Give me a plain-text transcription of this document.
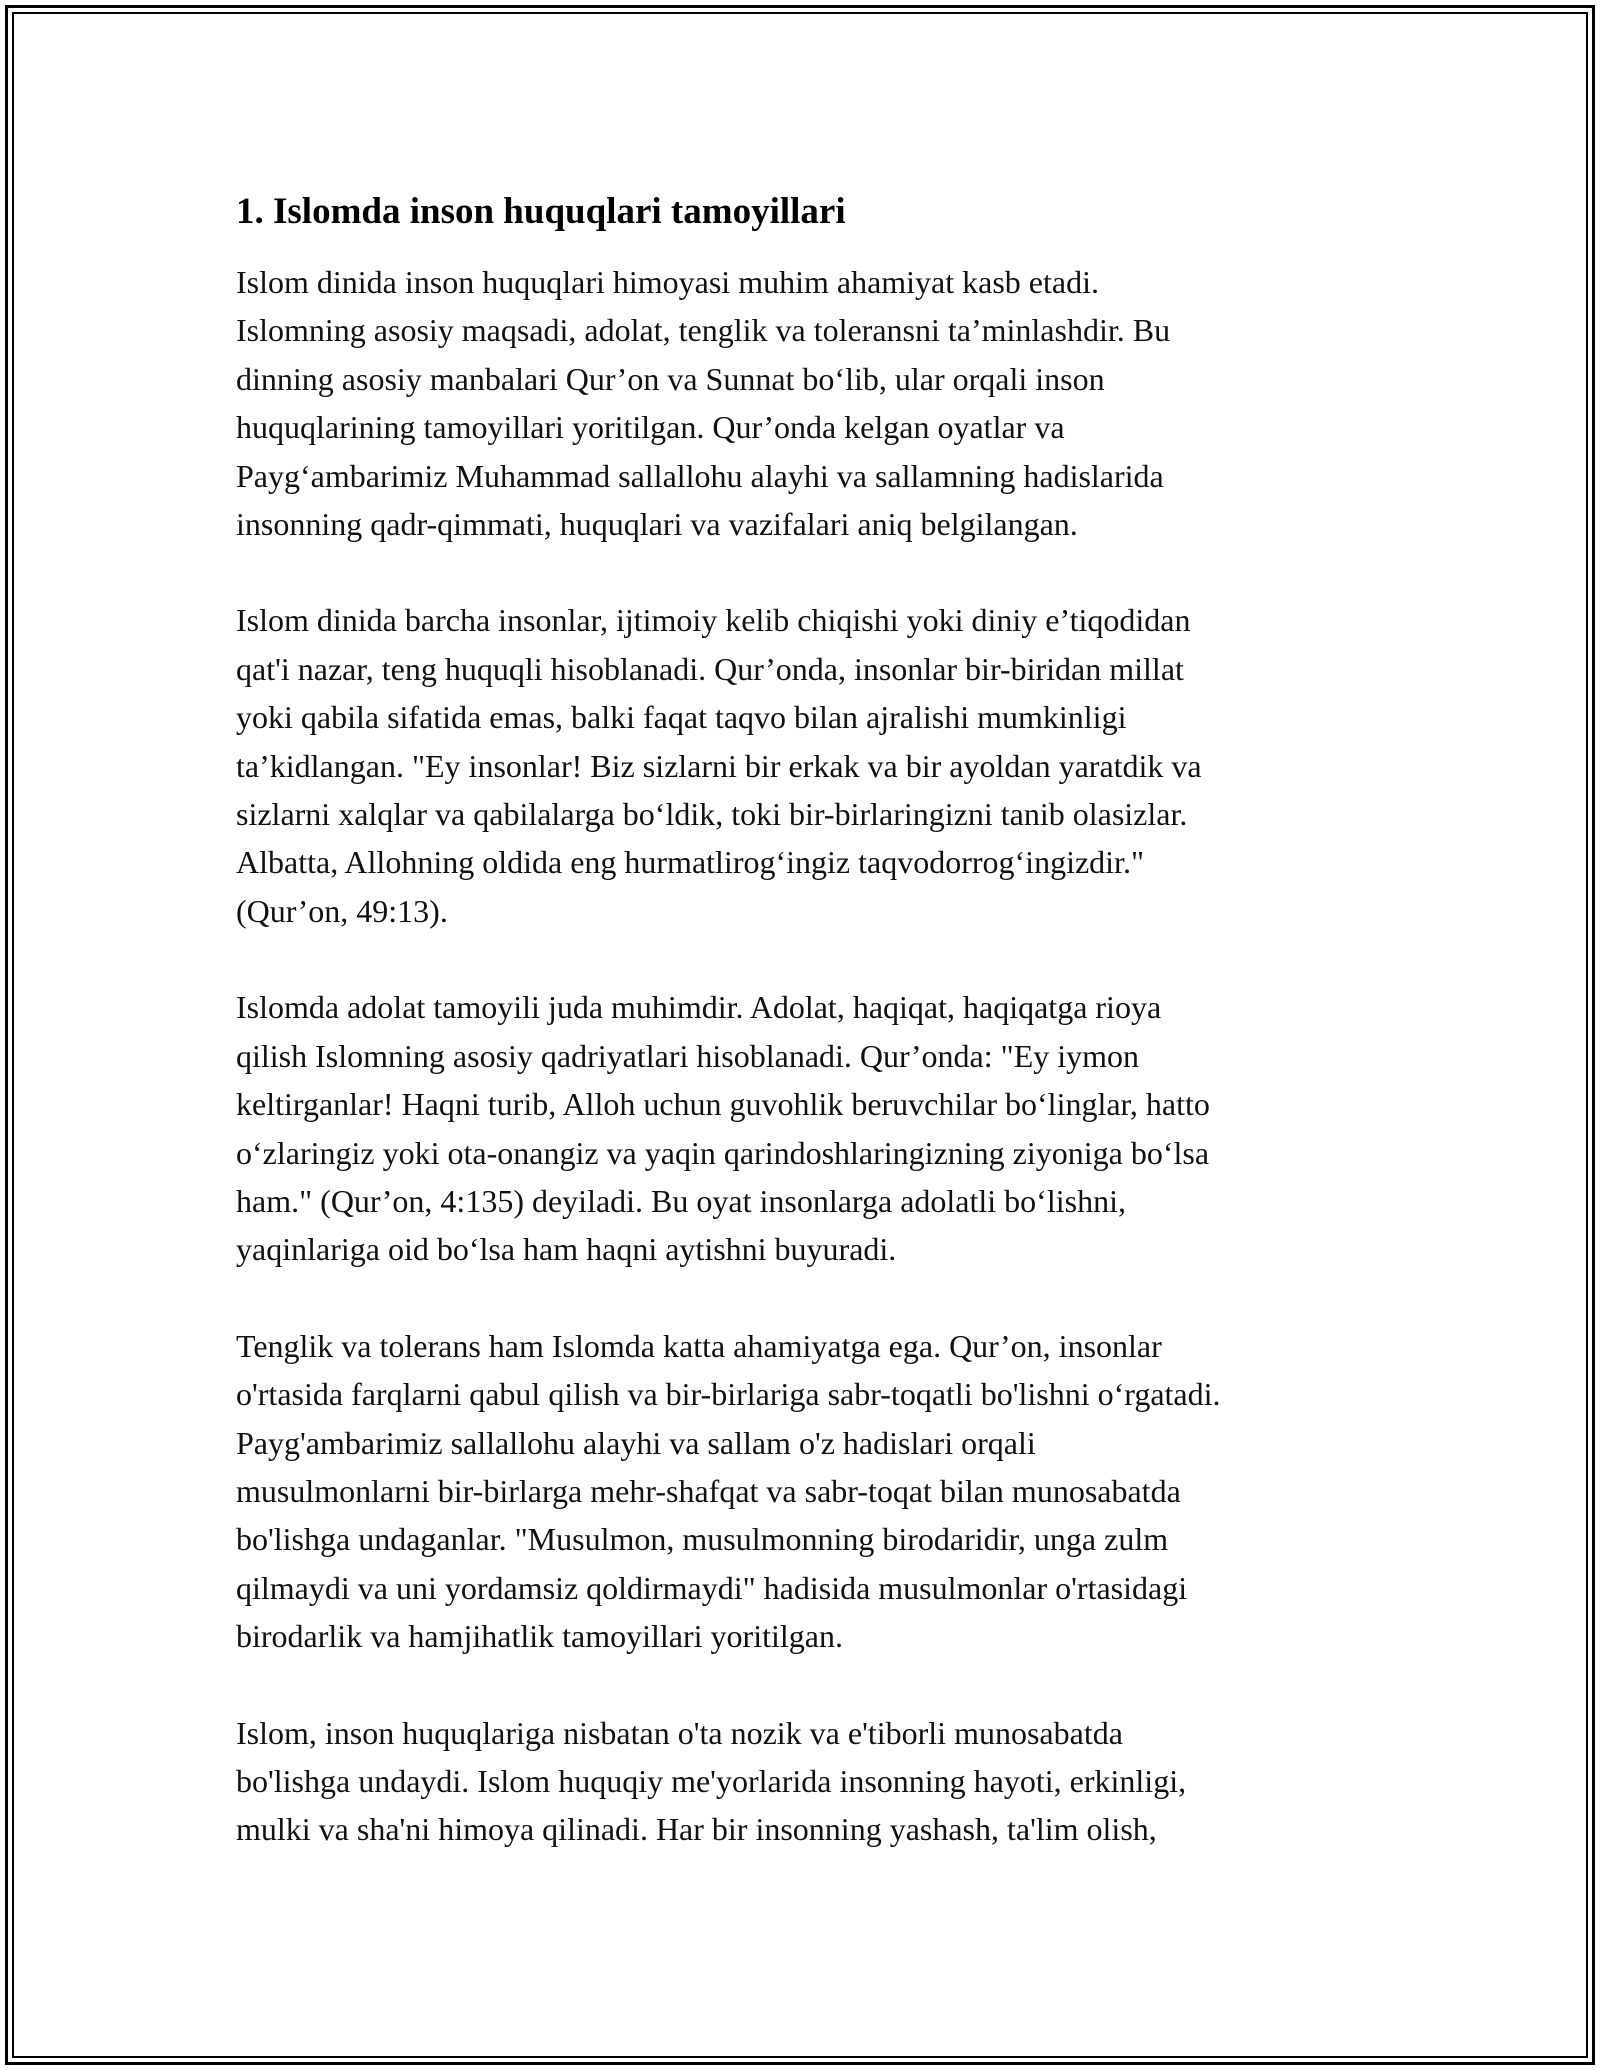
1. Islomda inson huquqlari tamoyillari
Islom dinida inson huquqlari himoyasi muhim ahamiyat kasb etadi.
Islomning asosiy maqsadi, adolat, tenglik va toleransni ta’minlashdir. Bu
dinning asosiy manbalari Qur’on va Sunnat bo‘lib, ular orqali inson
huquqlarining tamoyillari yoritilgan. Qur’onda kelgan oyatlar va
Payg‘ambarimiz Muhammad sallallohu alayhi va sallamning hadislarida
insonning qadr-qimmati, huquqlari va vazifalari aniq belgilangan.
Islom dinida barcha insonlar, ijtimoiy kelib chiqishi yoki diniy e’tiqodidan
qat'i nazar, teng huquqli hisoblanadi. Qur’onda, insonlar bir-biridan millat
yoki qabila sifatida emas, balki faqat taqvo bilan ajralishi mumkinligi
ta’kidlangan. "Ey insonlar! Biz sizlarni bir erkak va bir ayoldan yaratdik va
sizlarni xalqlar va qabilalarga bo‘ldik, toki bir-birlaringizni tanib olasizlar.
Albatta, Allohning oldida eng hurmatlirog‘ingiz taqvodorrog‘ingizdir."
(Qur’on, 49:13).
Islomda adolat tamoyili juda muhimdir. Adolat, haqiqat, haqiqatga rioya
qilish Islomning asosiy qadriyatlari hisoblanadi. Qur’onda: "Ey iymon
keltirganlar! Haqni turib, Alloh uchun guvohlik beruvchilar bo‘linglar, hatto
o‘zlaringiz yoki ota-onangiz va yaqin qarindoshlaringizning ziyoniga bo‘lsa
ham." (Qur’on, 4:135) deyiladi. Bu oyat insonlarga adolatli bo‘lishni,
yaqinlariga oid bo‘lsa ham haqni aytishni buyuradi.
Tenglik va tolerans ham Islomda katta ahamiyatga ega. Qur’on, insonlar
o'rtasida farqlarni qabul qilish va bir-birlariga sabr-toqatli bo'lishni o‘rgatadi.
Payg'ambarimiz sallallohu alayhi va sallam o'z hadislari orqali
musulmonlarni bir-birlarga mehr-shafqat va sabr-toqat bilan munosabatda
bo'lishga undaganlar. "Musulmon, musulmonning birodaridir, unga zulm
qilmaydi va uni yordamsiz qoldirmaydi" hadisida musulmonlar o'rtasidagi
birodarlik va hamjihatlik tamoyillari yoritilgan.
Islom, inson huquqlariga nisbatan o'ta nozik va e'tiborli munosabatda
bo'lishga undaydi. Islom huquqiy me'yorlarida insonning hayoti, erkinligi,
mulki va sha'ni himoya qilinadi. Har bir insonning yashash, ta'lim olish,
